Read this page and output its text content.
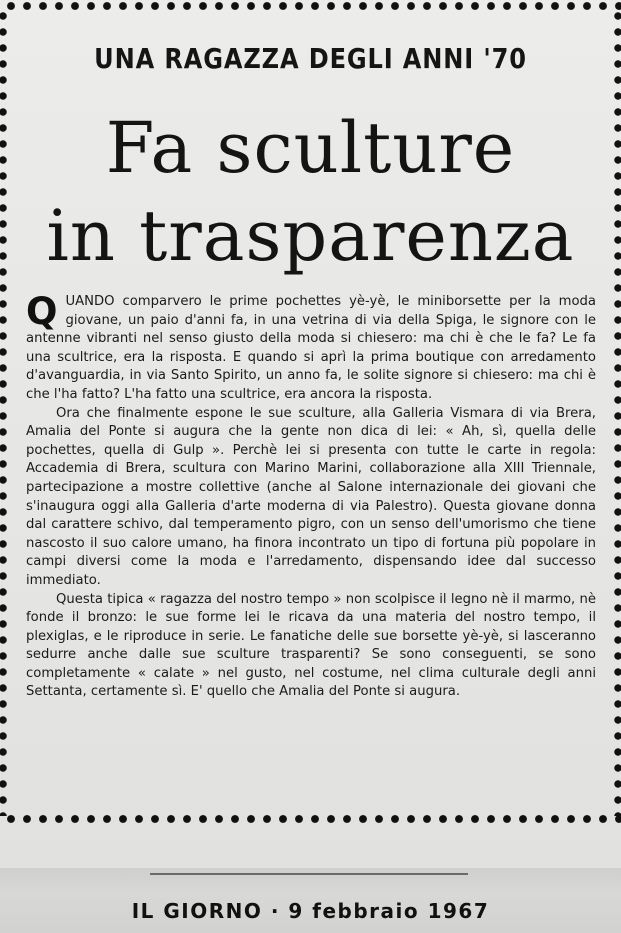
UNA RAGAZZA DEGLI ANNI '70
Fa sculture
in trasparenza

QUANDO comparvero le prime pochettes yè-yè, le miniborsette per la moda giovane, un paio d'anni fa, in una vetrina di via della Spiga, le signore con le antenne vibranti nel senso giusto della moda si chiesero: ma chi è che le fa? Le fa una scultrice, era la risposta. E quando si aprì la prima boutique con arredamento d'avanguardia, in via Santo Spirito, un anno fa, le solite signore si chiesero: ma chi è che l'ha fatto? L'ha fatto una scultrice, era ancora la risposta.

Ora che finalmente espone le sue sculture, alla Galleria Vismara di via Brera, Amalia del Ponte si augura che la gente non dica di lei: « Ah, sì, quella delle pochettes, quella di Gulp ». Perchè lei si presenta con tutte le carte in regola: Accademia di Brera, scultura con Marino Marini, collaborazione alla XIII Triennale, partecipazione a mostre collettive (anche al Salone internazionale dei giovani che s'inaugura oggi alla Galleria d'arte moderna di via Palestro). Questa giovane donna dal carattere schivo, dal temperamento pigro, con un senso dell'umorismo che tiene nascosto il suo calore umano, ha finora incontrato un tipo di fortuna più popolare in campi diversi come la moda e l'arredamento, dispensando idee dal successo immediato.

Questa tipica « ragazza del nostro tempo » non scolpisce il legno nè il marmo, nè fonde il bronzo: le sue forme lei le ricava da una materia del nostro tempo, il plexiglas, e le riproduce in serie. Le fanatiche delle sue borsette yè-yè, si lasceranno sedurre anche dalle sue sculture trasparenti? Se sono conseguenti, se sono completamente « calate » nel gusto, nel costume, nel clima culturale degli anni Settanta, certamente sì. E' quello che Amalia del Ponte si augura.

IL GIORNO · 9 febbraio 1967
